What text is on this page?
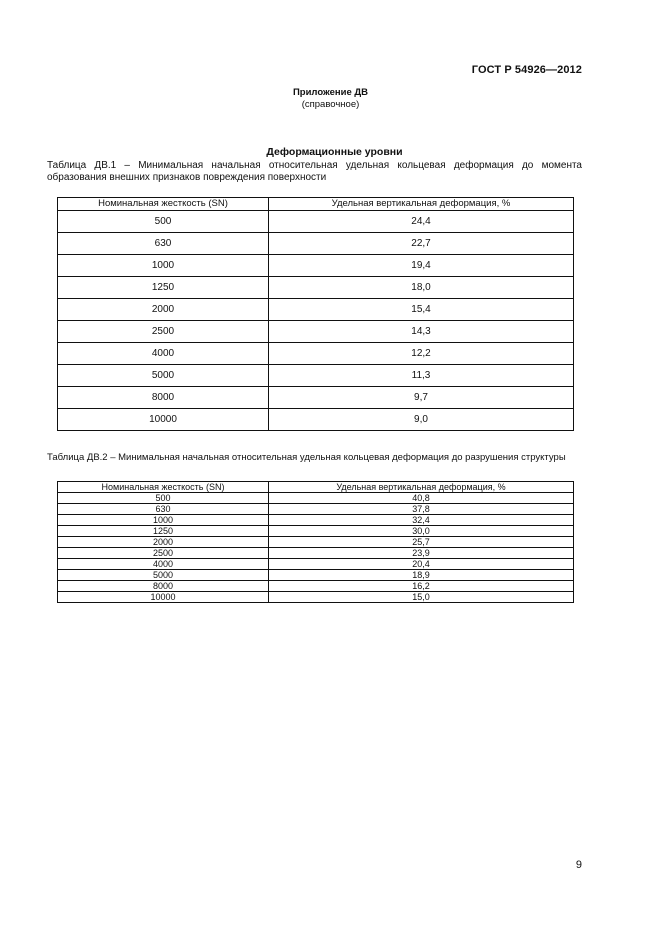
ГОСТ Р 54926—2012
Приложение ДВ
(справочное)
Деформационные уровни
Таблица ДВ.1 – Минимальная начальная относительная удельная кольцевая деформация до момента образования внешних признаков повреждения поверхности
Номинальная жесткость (SN)	Удельная вертикальная деформация, %
500	24,4
630	22,7
1000	19,4
1250	18,0
2000	15,4
2500	14,3
4000	12,2
5000	11,3
8000	9,7
10000	9,0
Таблица ДВ.2 – Минимальная начальная относительная удельная кольцевая деформация до разрушения структуры
Номинальная жесткость (SN)	Удельная вертикальная деформация, %
500	40,8
630	37,8
1000	32,4
1250	30,0
2000	25,7
2500	23,9
4000	20,4
5000	18,9
8000	16,2
10000	15,0
9
